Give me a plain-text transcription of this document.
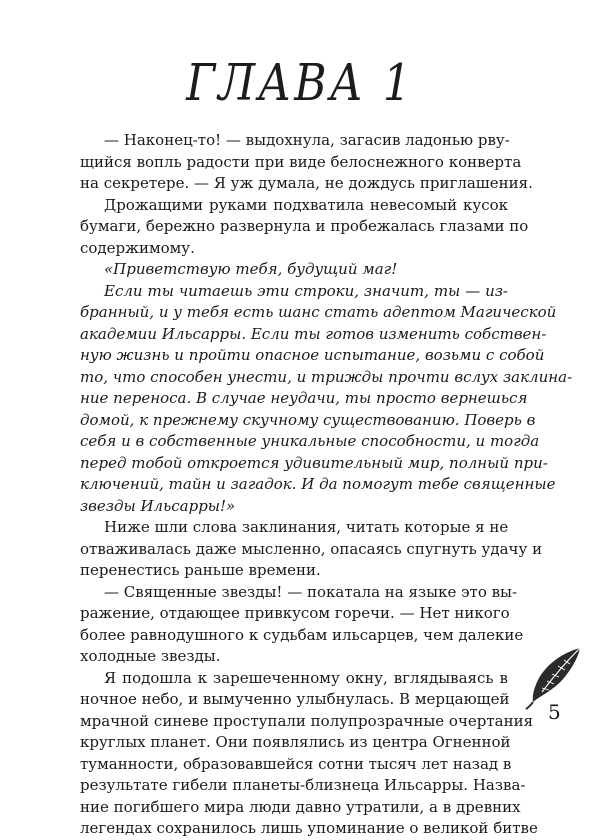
ГЛАВА 1
— Наконец-то! — выдохнула, загасив ладонью рву-
щийся вопль радости при виде белоснежного конверта
на секретере. — Я уж думала, не дождусь приглашения.
Дрожащими руками подхватила невесомый кусок
бумаги, бережно развернула и пробежалась глазами по
содержимому.
«Приветствую тебя, будущий маг!
Если ты читаешь эти строки, значит, ты — из-
бранный, и у тебя есть шанс стать адептом Магической
академии Ильсарры. Если ты готов изменить собствен-
ную жизнь и пройти опасное испытание, возьми с собой
то, что способен унести, и трижды прочти вслух заклина-
ние переноса. В случае неудачи, ты просто вернешься
домой, к прежнему скучному существованию. Поверь в
себя и в собственные уникальные способности, и тогда
перед тобой откроется удивительный мир, полный при-
ключений, тайн и загадок. И да помогут тебе священные
звезды Ильсарры!»
Ниже шли слова заклинания, читать которые я не
отваживалась даже мысленно, опасаясь спугнуть удачу и
перенестись раньше времени.
— Священные звезды! — покатала на языке это вы-
ражение, отдающее привкусом горечи. — Нет никого
более равнодушного к судьбам ильсарцев, чем далекие
холодные звезды.
Я подошла к зарешеченному окну, вглядываясь в
ночное небо, и вымученно улыбнулась. В мерцающей
мрачной синеве проступали полупрозрачные очертания
круглых планет. Они появлялись из центра Огненной
туманности, образовавшейся сотни тысяч лет назад в
результате гибели планеты-близнеца Ильсарры. Назва-
ние погибшего мира люди давно утратили, а в древних
легендах сохранилось лишь упоминание о великой битве
5
